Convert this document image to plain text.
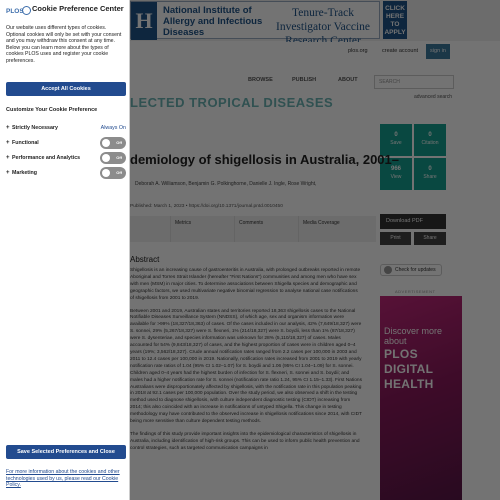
PLOS Cookie Preference Center
Our website uses different types of cookies. Optional cookies will only be set with your consent and you may withdraw this consent at any time. Below you can learn more about the types of cookies PLOS uses and register your cookie preferences.
Accept All Cookies
Customize Your Cookie Preference
+ Strictly Necessary	Always On
+ Functional	Off
+ Performance and Analytics	Off
+ Marketing	Off
Save Selected Preferences and Close
For more information about the cookies and other technologies used by us, please read our Cookie Policy.
